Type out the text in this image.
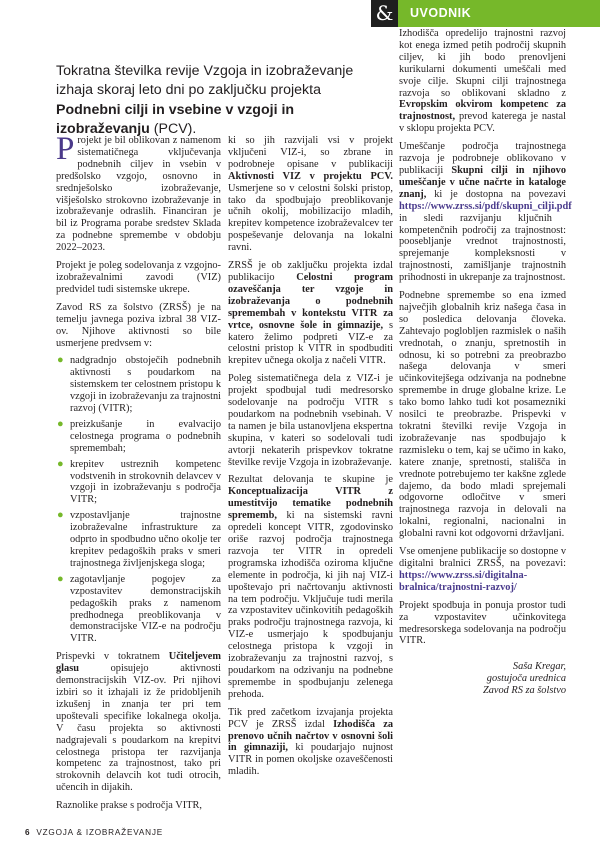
&	UVODNIK
Tokratna številka revije Vzgoja in izobraževanje izhaja skoraj leto dni po zaključku projekta Podnebni cilji in vsebine v vzgoji in izobraževanju (PCV).

Projekt je bil oblikovan z namenom sistematičnega vključevanja podnebnih ciljev in vsebin v predšolsko vzgojo, osnovno in srednješolsko izobraževanje, višješolsko strokovno izobraževanje in izobraževanje odraslih. Financiran je bil iz Programa porabe sredstev Sklada za podnebne spremembe v obdobju 2022–2023.

Projekt je poleg sodelovanja z vzgojno-izobraževalnimi zavodi (VIZ) predvidel tudi sistemske ukrepe.

Zavod RS za šolstvo (ZRSŠ) je na temelju javnega poziva izbral 38 VIZ-ov. Njihove aktivnosti so bile usmerjene predvsem v:

● nadgradnjo obstoječih podnebnih aktivnosti s poudarkom na sistemskem ter celostnem pristopu k vzgoji in izobraževanju za trajnostni razvoj (VITR);
● preizkušanje in evalvacijo celostnega programa o podnebnih spremembah;
● krepitev ustreznih kompetenc vodstvenih in strokovnih delavcev v vzgoji in izobraževanju s področja VITR;
● vzpostavljanje trajnostne izobraževalne infrastrukture za odprto in spodbudno učno okolje ter krepitev pedagoških praks v smeri trajnostnega življenjskega sloga;
● zagotavljanje pogojev za vzpostavitev demonstracijskih pedagoških praks z namenom predhodnega preoblikovanja v demonstracijske VIZ-e na področju VITR.

Prispevki v tokratnem Učiteljevem glasu opisujejo aktivnosti demonstracijskih VIZ-ov. Pri njihovi izbiri so it izhajali iz že pridobljenih izkušenj in znanja ter pri tem upoštevali specifike lokalnega okolja. V času projekta so aktivnosti nadgrajevali s poudarkom na krepitvi celostnega pristopa ter razvijanja kompetenc za trajnostnost, tako pri strokovnih delavcih kot tudi otrocih, učencih in dijakih.

Raznolike prakse s področja VITR,

ki so jih razvijali vsi v projekt vključeni VIZ-i, so zbrane in podrobneje opisane v publikaciji Aktivnosti VIZ v projektu PCV. Usmerjene so v celostni šolski pristop, tako da spodbujajo preoblikovanje učnih okolij, mobilizacijo mladih, krepitev kompetence izobraževalcev ter pospeševanje delovanja na lokalni ravni.

ZRSŠ je ob zaključku projekta izdal publikacijo Celostni program ozaveščanja ter vzgoje in izobraževanja o podnebnih spremembah v kontekstu VITR za vrtce, osnovne šole in gimnazije, s katero želimo podpreti VIZ-e za celostni pristop k VITR in spodbuditi krepitev učnega okolja z načeli VITR.

Poleg sistematičnega dela z VIZ-i je projekt spodbujal tudi medresorsko sodelovanje na področju VITR s poudarkom na podnebnih vsebinah. V ta namen je bila ustanovljena ekspertna skupina, v kateri so sodelovali tudi avtorji nekaterih prispevkov tokratne številke revije Vzgoja in izobraževanje.

Rezultat delovanja te skupine je Konceptualizacija VITR z umestitvijo tematike podnebnih sprememb, ki na sistemski ravni opredeli koncept VITR, zgodovinsko oriše razvoj področja trajnostnega razvoja ter VITR in opredeli programska izhodišča oziroma ključne elemente in področja, ki jih naj VIZ-i upoštevajo pri načrtovanju aktivnosti na tem področju. Vključuje tudi merila za vzpostavitev učinkovitih pedagoških praks področju trajnostnega razvoja, ki VIZ-e usmerjajo k spodbujanju celostnega pristopa k vzgoji in izobraževanju za trajnostni razvoj, s poudarkom na odzivanju na podnebne spremembe in spodbujanju zelenega prehoda.

Tik pred začetkom izvajanja projekta PCV je ZRSŠ izdal Izhodišča za prenovo učnih načrtov v osnovni šoli in gimnaziji, ki poudarjajo nujnost VITR in pomen okoljske ozaveščenosti mladih.

Izhodišča opredelijo trajnostni razvoj kot enega izmed petih področij skupnih ciljev, ki jih bodo prenovljeni kurikularni dokumenti umeščali med svoje cilje. Skupni cilji trajnostnega razvoja so oblikovani skladno z Evropskim okvirom kompetenc za trajnostnost, prevod katerega je nastal v sklopu projekta PCV.

Umeščanje področja trajnostnega razvoja je podrobneje oblikovano v publikaciji Skupni cilji in njihovo umeščanje v učne načrte in kataloge znanj, ki je dostopna na povezavi https://www.zrss.si/pdf/skupni_cilji.pdf in sledi razvijanju ključnih kompetenčnih področij za trajnostnost: poosebljanje vrednot trajnostnosti, sprejemanje kompleksnosti v trajnostnosti, zamišljanje trajnostnih prihodnosti in ukrepanje za trajnostnost.

Podnebne spremembe so ena izmed največjih globalnih kriz našega časa in so posledica delovanja človeka. Zahtevajo poglobljen razmislek o naših vrednotah, o znanju, spretnostih in odnosu, ki so potrebni za preobrazbo našega delovanja v smeri učinkovitejšega odzivanja na podnebne spremembe in druge globalne krize. Le tako bomo lahko tudi kot posamezniki nosilci te preobrazbe. Prispevki v tokratni številki revije Vzgoja in izobraževanje nas spodbujajo k razmisleku o tem, kaj se učimo in kako, katere znanje, spretnosti, stališča in vrednote potrebujemo ter kakšne zglede dajemo, da bodo mladi sprejemali odgovorne odločitve v smeri trajnostnega razvoja in delovali na lokalni, regionalni, nacionalni in globalni ravni kot odgovorni državljani.

Vse omenjene publikacije so dostopne v digitalni bralnici ZRSŠ, na povezavi: https://www.zrss.si/digitalna-bralnica/trajnostni-razvoj/

Projekt spodbuja in ponuja prostor tudi za vzpostavitev učinkovitega medresorskega sodelovanja na področju VITR.

Saša Kregar,
gostujoča urednica
Zavod RS za šolstvo
6 VZGOJA & IZOBRAŽEVANJE
